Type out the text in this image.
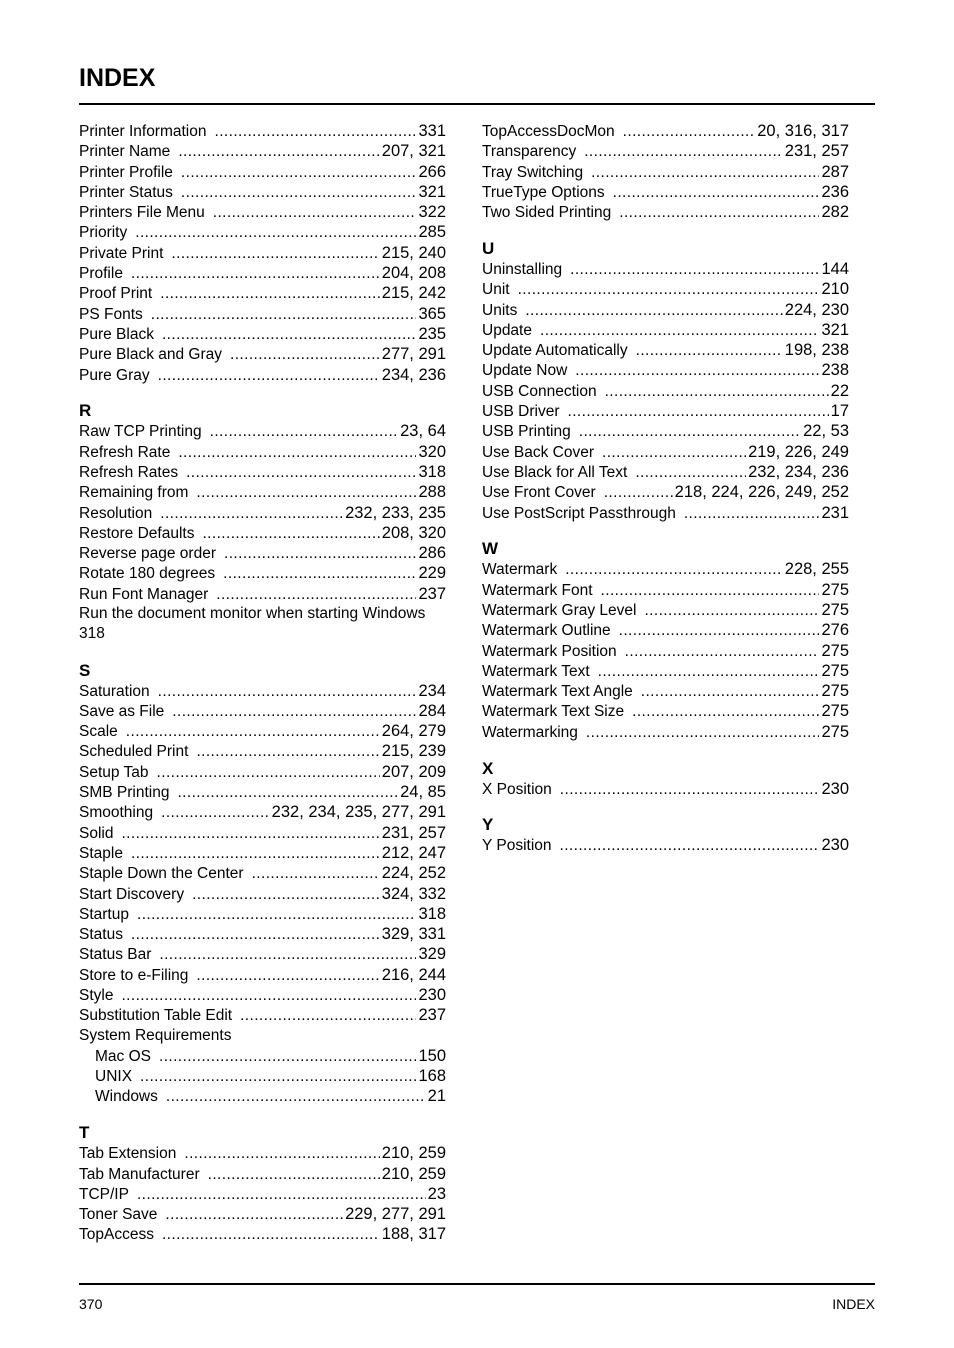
INDEX
Printer Information .....	331
Printer Name .....	207, 321
Printer Profile .....	266
Printer Status .....	321
Printers File Menu .....	322
Priority .....	285
Private Print .....	215, 240
Profile .....	204, 208
Proof Print .....	215, 242
PS Fonts .....	365
Pure Black .....	235
Pure Black and Gray .....	277, 291
Pure Gray .....	234, 236
R
Raw TCP Printing .....	23, 64
Refresh Rate .....	320
Refresh Rates .....	318
Remaining from .....	288
Resolution .....	232, 233, 235
Restore Defaults .....	208, 320
Reverse page order .....	286
Rotate 180 degrees .....	229
Run Font Manager .....	237
Run the document monitor when starting Windows
318
S
Saturation .....	234
Save as File .....	284
Scale .....	264, 279
Scheduled Print .....	215, 239
Setup Tab .....	207, 209
SMB Printing .....	24, 85
Smoothing .....	232, 234, 235, 277, 291
Solid .....	231, 257
Staple .....	212, 247
Staple Down the Center .....	224, 252
Start Discovery .....	324, 332
Startup .....	318
Status .....	329, 331
Status Bar .....	329
Store to e-Filing .....	216, 244
Style .....	230
Substitution Table Edit .....	237
System Requirements
Mac OS .....	150
UNIX .....	168
Windows .....	21
T
Tab Extension .....	210, 259
Tab Manufacturer .....	210, 259
TCP/IP .....	23
Toner Save .....	229, 277, 291
TopAccess .....	188, 317
TopAccessDocMon .....	20, 316, 317
Transparency .....	231, 257
Tray Switching .....	287
TrueType Options .....	236
Two Sided Printing .....	282
U
Uninstalling .....	144
Unit .....	210
Units .....	224, 230
Update .....	321
Update Automatically .....	198, 238
Update Now .....	238
USB Connection .....	22
USB Driver .....	17
USB Printing .....	22, 53
Use Back Cover .....	219, 226, 249
Use Black for All Text .....	232, 234, 236
Use Front Cover .....	218, 224, 226, 249, 252
Use PostScript Passthrough .....	231
W
Watermark .....	228, 255
Watermark Font .....	275
Watermark Gray Level .....	275
Watermark Outline .....	276
Watermark Position .....	275
Watermark Text .....	275
Watermark Text Angle .....	275
Watermark Text Size .....	275
Watermarking .....	275
X
X Position .....	230
Y
Y Position .....	230
370	INDEX
